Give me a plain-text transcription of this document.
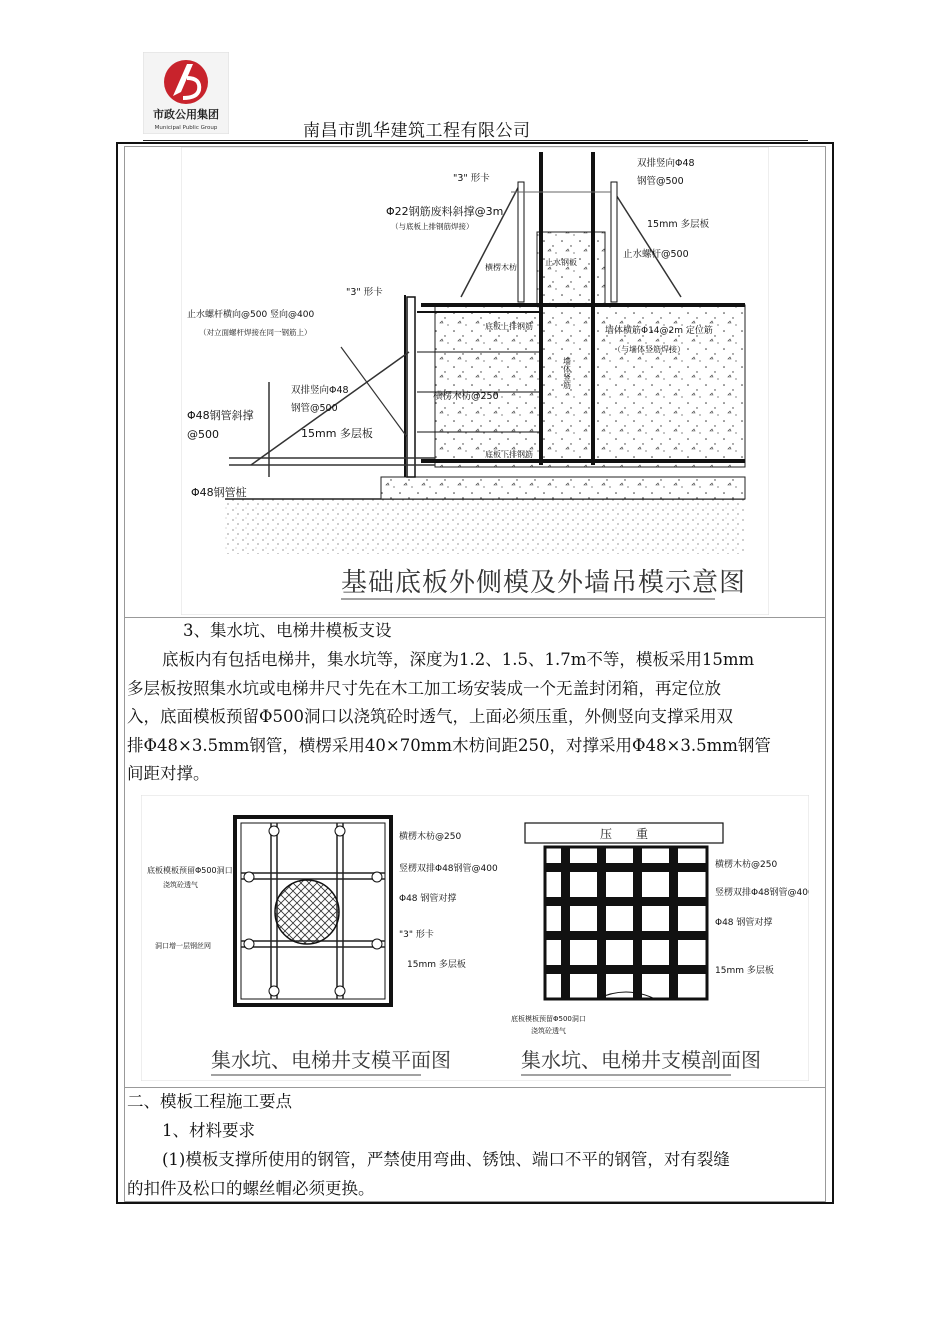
市政公用集团
Municipal Public Group	南昌市凯华建筑工程有限公司
"3" 形卡
Φ22钢筋废料斜撑@3m
（与底板上排钢筋焊接）
双排竖向Φ48
钢管@500
15mm 多层板
止水螺杆@500
横楞木枋
止水钢板
"3" 形卡
止水螺杆横向@500 竖向@400
（对立面螺杆焊接在同一钢筋上）
底板上排钢筋	墙体横筋Φ14@2m 定位筋
（与墙体竖筋焊接）
墙体竖筋
双排竖向Φ48
钢管@500
横楞木枋@250
Φ48钢管斜撑
@500	15mm 多层板
底板下排钢筋
Φ48钢管桩
基础底板外侧模及外墙吊模示意图
3、集水坑、电梯井模板支设
底板内有包括电梯井，集水坑等，深度为1.2、1.5、1.7m不等，模板采用15mm
多层板按照集水坑或电梯井尺寸先在木工加工场安装成一个无盖封闭箱，再定位放
入，底面模板预留Φ500洞口以浇筑砼时透气，上面必须压重，外侧竖向支撑采用双
排Φ48×3.5mm钢管，横楞采用40×70mm木枋间距250，对撑采用Φ48×3.5mm钢管
间距对撑。
底板模板预留Φ500洞口
浇筑砼透气
洞口增一层钢丝网
横楞木枋@250
竖楞双排Φ48钢管@400
Φ48 钢管对撑
"3" 形卡
15mm 多层板
集水坑、电梯井支模平面图
压　　重
横楞木枋@250
竖楞双排Φ48钢管@400
Φ48 钢管对撑
15mm 多层板
底板模板预留Φ500洞口
浇筑砼透气
集水坑、电梯井支模剖面图
二、模板工程施工要点
1、材料要求
(1)模板支撑所使用的钢管，严禁使用弯曲、锈蚀、端口不平的钢管，对有裂缝
的扣件及松口的螺丝帽必须更换。
